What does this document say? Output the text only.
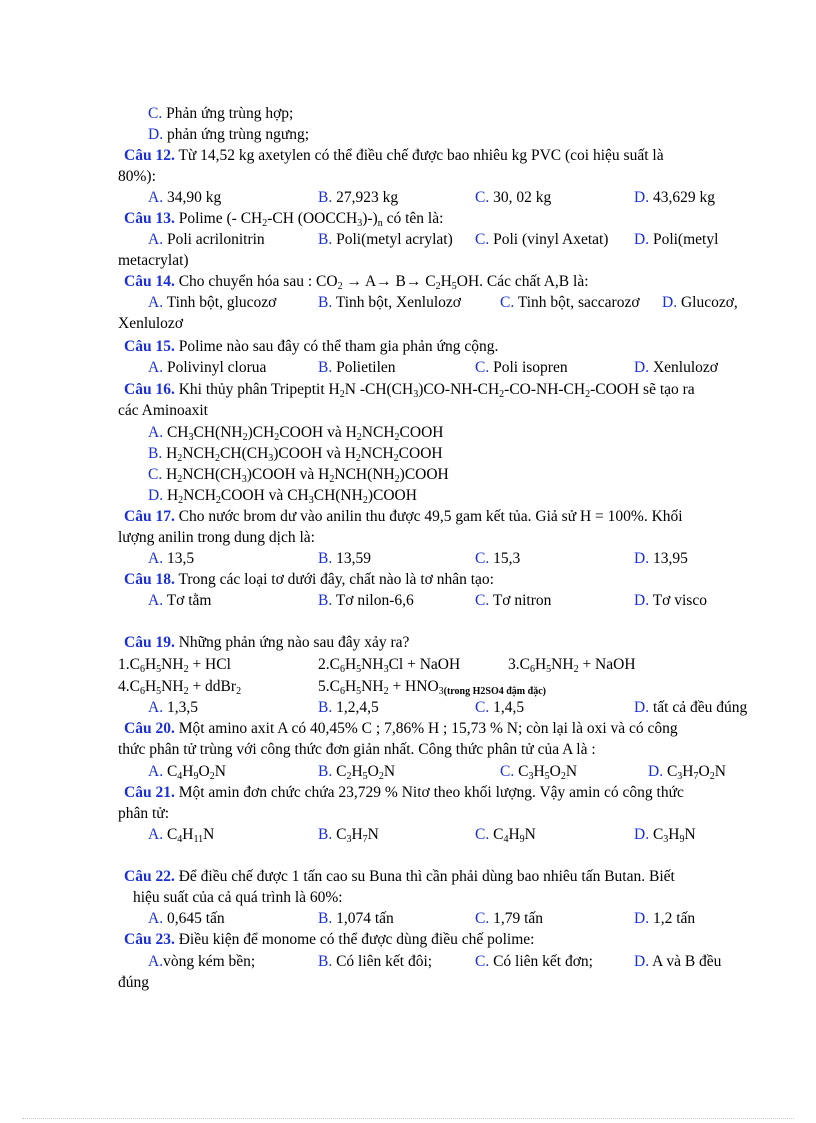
C. Phản ứng trùng hợp;
D. phản ứng trùng ngưng;
Câu 12. Từ 14,52 kg axetylen có thể điều chế được bao nhiêu kg PVC (coi hiệu suất là
80%):
A. 34,90 kg	B. 27,923 kg	C. 30, 02 kg	D. 43,629 kg
Câu 13. Polime (- $CH_2-CH$ $(OOCCH_3)-)_n$ có tên là:
A. Poli acrilonitrin	B. Poli(metyl acrylat) C. Poli (vinyl Axetat) D. Poli(metyl
metacrylat)
Câu 14. Cho chuyển hóa sau : $CO_2 \to A\to B\to C_2H_5OH$. Các chất A,B là:
A. Tinh bột, glucozơ	B. Tinh bột, Xenlulozơ	C. Tinh bột, saccarozơ D. Glucozơ,
Xenlulozơ
Câu 15. Polime nào sau đây có thể tham gia phản ứng cộng.
A. Polivinyl clorua	B. Polietilen	C. Poli isopren	D. Xenlulozơ
Câu 16. Khi thủy phân Tripeptit $H_2N$ $-CH(CH_3)CO-NH-CH_2-CO-NH-CH_2$-COOH sẽ tạo ra
các Aminoaxit
A. $CH_3CH(NH_2)CH_2COOH$ và $H_2NCH_2COOH$
B. $H_2NCH_2CH(CH_3)COOH$ và $H_2NCH_2COOH$
C. $H_2NCH(CH_3)COOH$ và $H_2NCH(NH_2)COOH$
D. $H_2NCH_2COOH$ và $CH_3CH(NH_2)COOH$
Câu 17. Cho nước brom dư vào anilin thu được 49,5 gam kết tủa. Giả sử H = 100%. Khối
lượng anilin trong dung dịch là:
A. 13,5	B. 13,59	C. 15,3	D. 13,95
Câu 18. Trong các loại tơ dưới đây, chất nào là tơ nhân tạo:
A. Tơ tằm	B. Tơ nilon-6,6	C. Tơ nitron	D. Tơ visco
Câu 19. Những phản ứng nào sau đây xảy ra?
$1.C_6H_5NH_2$ + HCl	$2.C_6H_5NH_3Cl$ + NaOH	$3.C_6H_5NH_2$ + NaOH
$4.C_6H_5NH_2$ + ddBr$_2$	$5.C_6H_5NH_2 + HNO_{3(trong H2SO4 đậm đặc)}$
A. 1,3,5	B. 1,2,4,5	C. 1,4,5	D. tất cả đều đúng
Câu 20. Một amino axit A có 40,45% C ; 7,86% H ; 15,73 % N; còn lại là oxi và có công
thức phân tử trùng với công thức đơn giản nhất. Công thức phân tử của A là :
A. $C_4H_9O_2N$	B. $C_2H_5O_2N$	C. $C_3H_5O_2N$	D. $C_3H_7O_2N$
Câu 21. Một amin đơn chức chứa 23,729 % Nitơ theo khối lượng. Vậy amin có công thức
phân tử:
A. $C_4H_{11}N$	B. $C_3H_7N$	C. $C_4H_9N$	D. $C_3H_9N$
Câu 22. Để điều chế được 1 tấn cao su Buna thì cần phải dùng bao nhiêu tấn Butan. Biết
hiệu suất của cả quá trình là 60%:
A. 0,645 tấn	B. 1,074 tấn	C. 1,79 tấn	D. 1,2 tấn
Câu 23. Điều kiện để monome có thể được dùng điều chế polime:
A.vòng kém bền;	B. Có liên kết đôi;	C. Có liên kết đơn;	D. A và B đều
đúng
